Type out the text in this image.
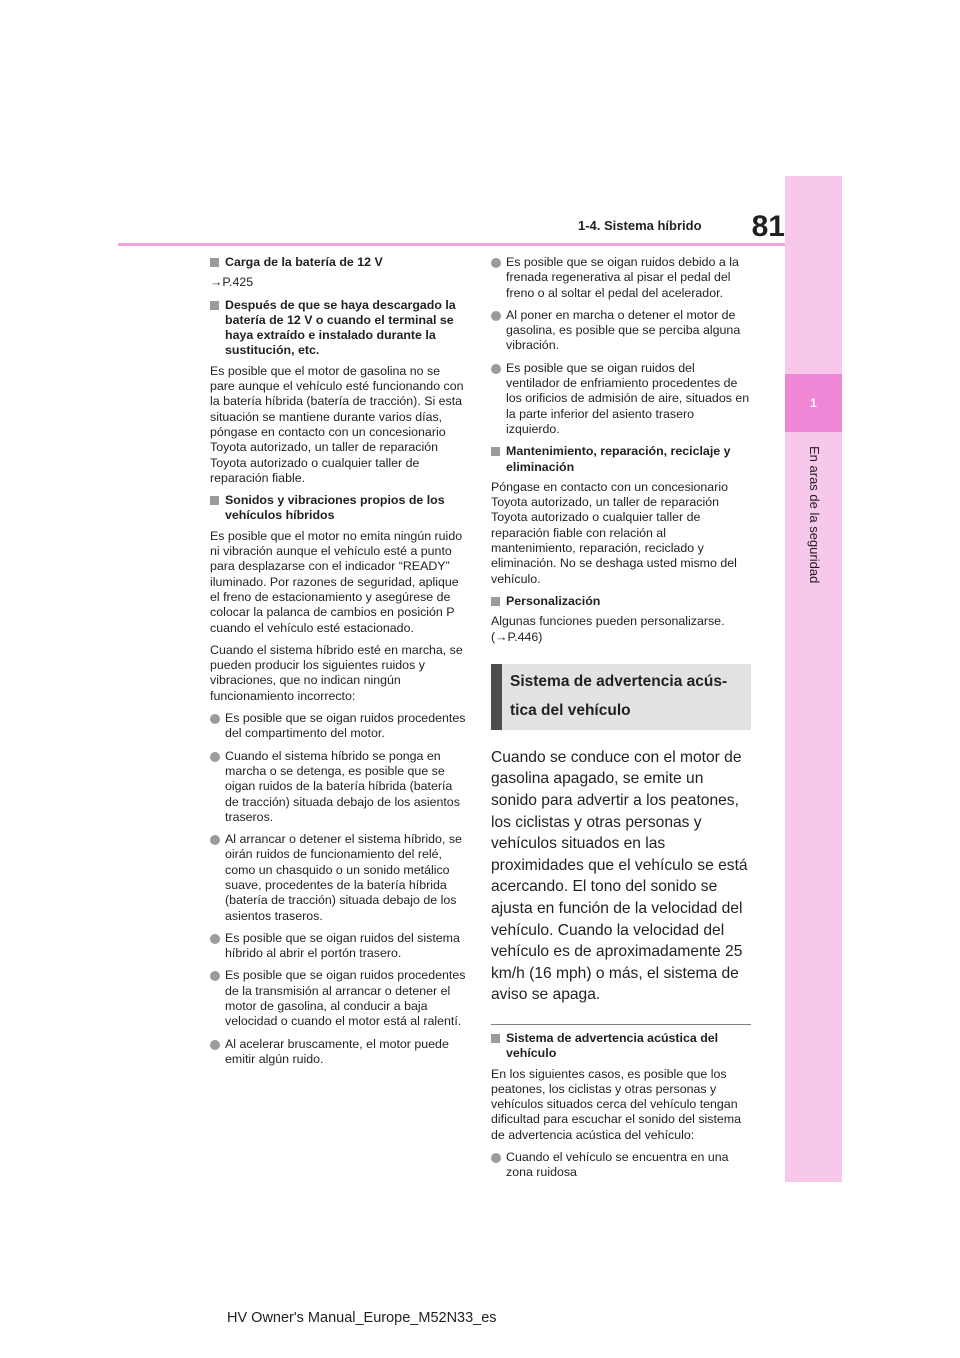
1
En aras de la seguridad
1-4. Sistema híbrido	81
Carga de la batería de 12 V
→P.425
Después de que se haya descargado la batería de 12 V o cuando el terminal se haya extraído e instalado durante la sustitución, etc.

Es posible que el motor de gasolina no se pare aunque el vehículo esté funcionando con la batería híbrida (batería de tracción). Si esta situación se mantiene durante varios días, póngase en contacto con un concesionario Toyota autorizado, un taller de reparación Toyota autorizado o cualquier taller de reparación fiable.

Sonidos y vibraciones propios de los vehículos híbridos

Es posible que el motor no emita ningún ruido ni vibración aunque el vehículo esté a punto para desplazarse con el indicador “READY” iluminado. Por razones de seguridad, aplique el freno de estacionamiento y asegúrese de colocar la palanca de cambios en posición P cuando el vehículo esté estacionado.

Cuando el sistema híbrido esté en marcha, se pueden producir los siguientes ruidos y vibraciones, que no indican ningún funcionamiento incorrecto:

Es posible que se oigan ruidos procedentes del compartimento del motor.

Cuando el sistema híbrido se ponga en marcha o se detenga, es posible que se oigan ruidos de la batería híbrida (batería de tracción) situada debajo de los asientos traseros.

Al arrancar o detener el sistema híbrido, se oirán ruidos de funcionamiento del relé, como un chasquido o un sonido metálico suave, procedentes de la batería híbrida (batería de tracción) situada debajo de los asientos traseros.

Es posible que se oigan ruidos del sistema híbrido al abrir el portón trasero.

Es posible que se oigan ruidos procedentes de la transmisión al arrancar o detener el motor de gasolina, al conducir a baja velocidad o cuando el motor está al ralentí.

Al acelerar bruscamente, el motor puede emitir algún ruido.

Es posible que se oigan ruidos debido a la frenada regenerativa al pisar el pedal del freno o al soltar el pedal del acelerador.

Al poner en marcha o detener el motor de gasolina, es posible que se perciba alguna vibración.

Es posible que se oigan ruidos del ventilador de enfriamiento procedentes de los orificios de admisión de aire, situados en la parte inferior del asiento trasero izquierdo.

Mantenimiento, reparación, reciclaje y eliminación

Póngase en contacto con un concesionario Toyota autorizado, un taller de reparación Toyota autorizado o cualquier taller de reparación fiable con relación al mantenimiento, reparación, reciclado y eliminación. No se deshaga usted mismo del vehículo.

Personalización

Algunas funciones pueden personalizarse. (→P.446)

Sistema de advertencia acús-tica del vehículo

Cuando se conduce con el motor de gasolina apagado, se emite un sonido para advertir a los peatones, los ciclistas y otras personas y vehículos situados en las proximidades que el vehículo se está acercando. El tono del sonido se ajusta en función de la velocidad del vehículo. Cuando la velocidad del vehículo es de aproximadamente 25 km/h (16 mph) o más, el sistema de aviso se apaga.

Sistema de advertencia acústica del vehículo

En los siguientes casos, es posible que los peatones, los ciclistas y otras personas y vehículos situados cerca del vehículo tengan dificultad para escuchar el sonido del sistema de advertencia acústica del vehículo:

Cuando el vehículo se encuentra en una zona ruidosa

HV Owner's Manual_Europe_M52N33_es
